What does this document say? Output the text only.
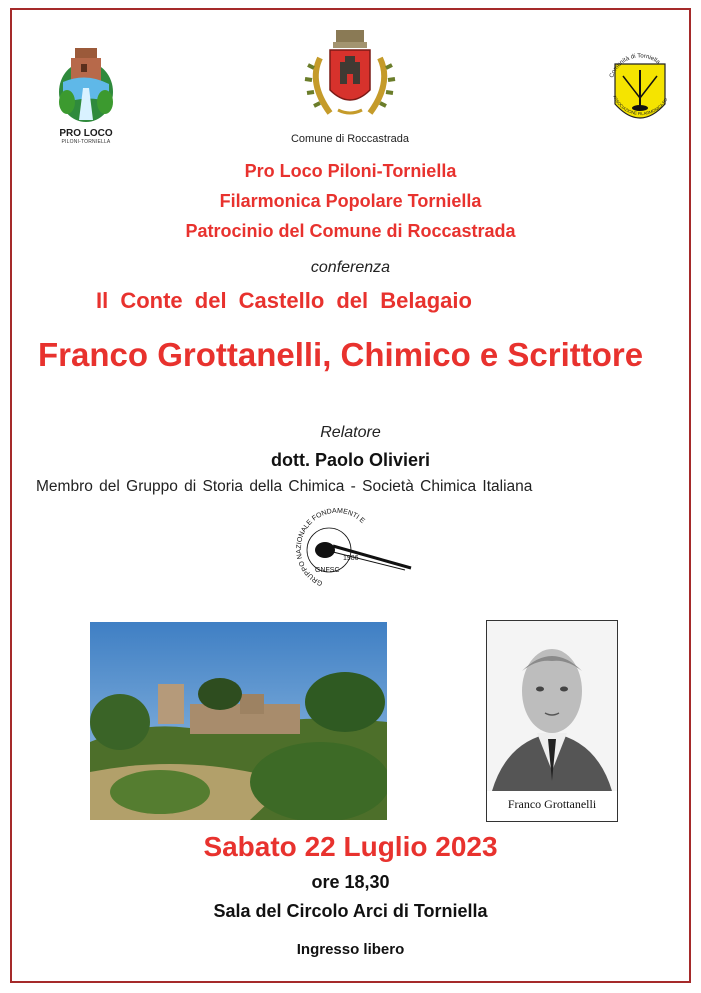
PRO LOCO
PILONI-TORNIELLA	Comune di Roccastrada
Comunità di Torniella
ASSOCIAZIONE FILARMONICA PO
Pro Loco Piloni-Torniella
Filarmonica Popolare Torniella
Patrocinio del Comune di Roccastrada
conferenza
Il Conte del Castello del Belagaio
Franco Grottanelli, Chimico e Scrittore
Relatore
dott. Paolo Olivieri
Membro del Gruppo di Storia della Chimica - Società Chimica Italiana
GRUPPO NAZIONALE FONDAMENTI E
1986
GNFSC
Franco Grottanelli
Sabato 22 Luglio 2023
ore 18,30
Sala del Circolo Arci di Torniella
Ingresso libero
